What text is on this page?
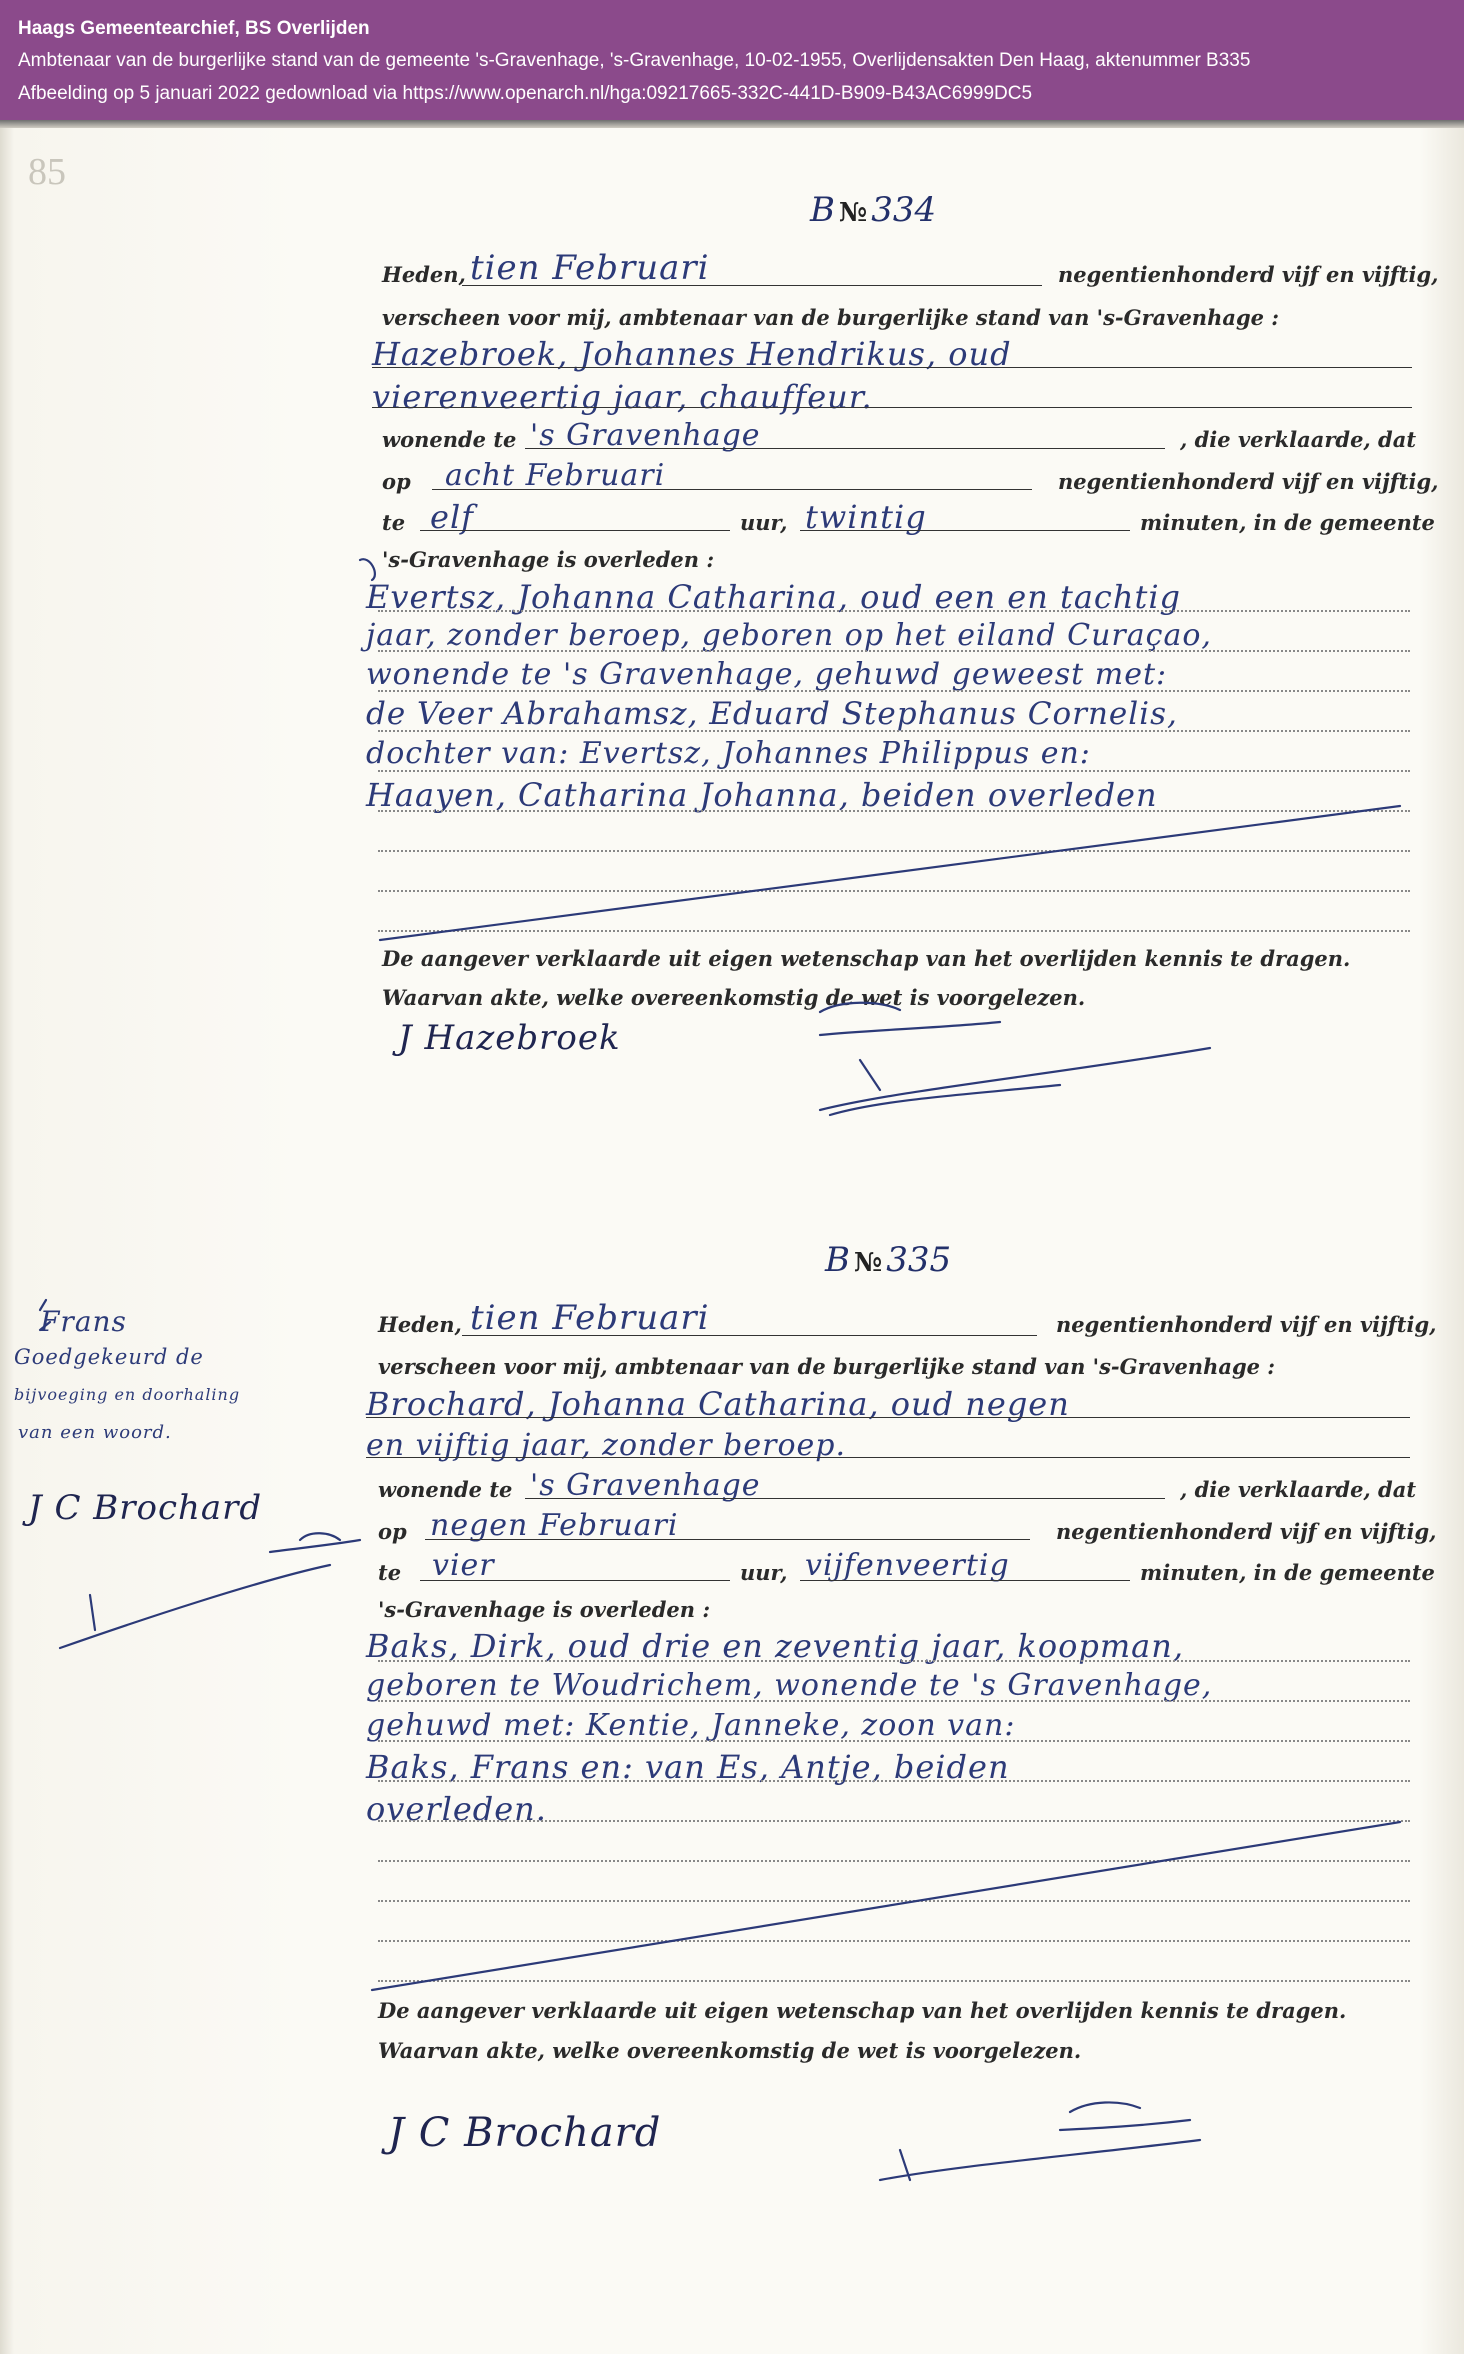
Haags Gemeentearchief, BS Overlijden
Ambtenaar van de burgerlijke stand van de gemeente 's-Gravenhage, 's-Gravenhage, 10-02-1955, Overlijdensakten Den Haag, aktenummer B335
Afbeelding op 5 januari 2022 gedownload via https://www.openarch.nl/hga:09217665-332C-441D-B909-B43AC6999DC5
85
B № 334
Heden, tien Februari	negentienhonderd vijf en vijftig,
verscheen voor mij, ambtenaar van de burgerlijke stand van 's-Gravenhage :
Hazebroek, Johannes Hendrikus, oud
vierenveertig jaar, chauffeur.
wonende te 's Gravenhage	, die verklaarde, dat
op acht Februari	negentienhonderd vijf en vijftig,
te elf	uur, twintig	minuten, in de gemeente
's-Gravenhage is overleden :
Evertsz, Johanna Catharina, oud een en tachtig
jaar, zonder beroep, geboren op het eiland Curaçao,
wonende te 's Gravenhage, gehuwd geweest met:
de Veer Abrahamsz, Eduard Stephanus Cornelis,
dochter van: Evertsz, Johannes Philippus en:
Haayen, Catharina Johanna, beiden overleden
De aangever verklaarde uit eigen wetenschap van het overlijden kennis te dragen.
Waarvan akte, welke overeenkomstig de wet is voorgelezen.
J Hazebroek
B № 335
Frans
Goedgekeurd de
bijvoeging en doorhaling
van een woord.
J C Brochard
Heden, tien Februari	negentienhonderd vijf en vijftig,
verscheen voor mij, ambtenaar van de burgerlijke stand van 's-Gravenhage :
Brochard, Johanna Catharina, oud negen
en vijftig jaar, zonder beroep.
wonende te 's Gravenhage	, die verklaarde, dat
op negen Februari	negentienhonderd vijf en vijftig,
te vier	uur, vijfenveertig	minuten, in de gemeente
's-Gravenhage is overleden :
Baks, Dirk, oud drie en zeventig jaar, koopman,
geboren te Woudrichem, wonende te 's Gravenhage,
gehuwd met: Kentie, Janneke, zoon van:
Baks, Frans en: van Es, Antje, beiden
overleden.
De aangever verklaarde uit eigen wetenschap van het overlijden kennis te dragen.
Waarvan akte, welke overeenkomstig de wet is voorgelezen.
J C Brochard
